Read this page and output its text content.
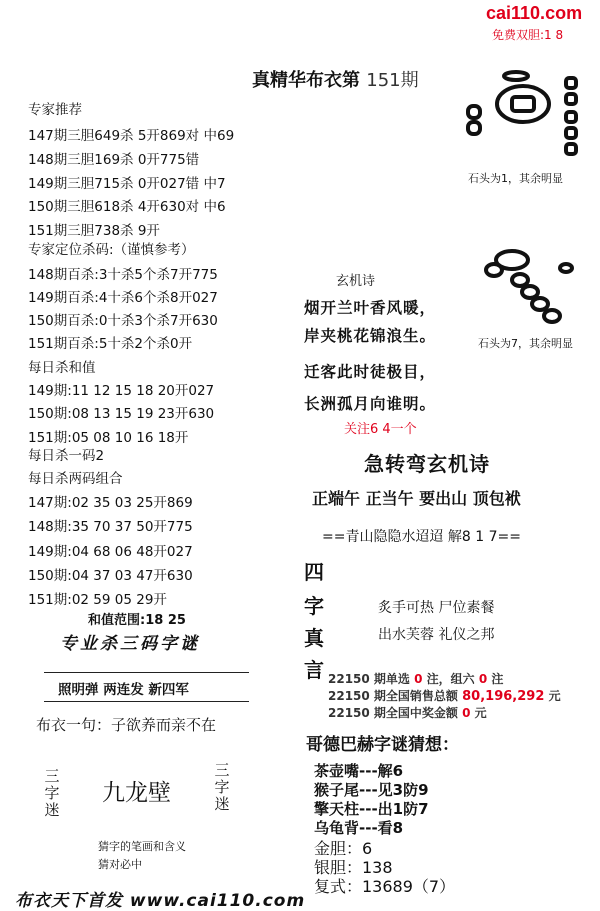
cai110.com
免费双胆:1 8
真精华布衣第 151期
专家推荐
147期三胆649杀 5开869对 中69
148期三胆169杀 0开775错
149期三胆715杀 0开027错 中7
150期三胆618杀 4开630对 中6
151期三胆738杀 9开
专家定位杀码:（谨慎参考）
148期百杀:3十杀5个杀7开775
149期百杀:4十杀6个杀8开027
150期百杀:0十杀3个杀7开630
151期百杀:5十杀2个杀0开
每日杀和值
149期:11 12 15 18 20开027
150期:08 13 15 19 23开630
151期:05 08 10 16 18开
每日杀一码2
每日杀两码组合
147期:02 35 03 25开869
148期:35 70 37 50开775
149期:04 68 06 48开027
150期:04 37 03 47开630
151期:02 59 05 29开
和值范围:18 25
专业杀三码字谜
照明弹 两连发 新四军
布衣一句：子欲养而亲不在
三字迷
九龙壁
三字迷
猜字的笔画和含义
猜对必中
石头为1，其余明显
石头为7，其余明显
玄机诗
烟开兰叶香风暖，
岸夹桃花锦浪生。
迁客此时徒极目，
长洲孤月向谁明。
关注6 4一个
急转弯玄机诗
正端午 正当午 要出山 顶包袱
==青山隐隐水迢迢 解8 1 7==
四
字
真
言
炙手可热 尸位素餐
出水芙蓉 礼仪之邦
22150 期单选 0 注，组六 0 注
22150 期全国销售总额 80,196,292 元
22150 期全国中奖金额 0 元
哥德巴赫字谜猜想：
茶壶嘴---解6
猴子尾---见3防9
擎天柱---出1防7
乌龟背---看8
金胆：6
银胆：138
复式：13689（7）
布衣天下首发 www.cai110.com
